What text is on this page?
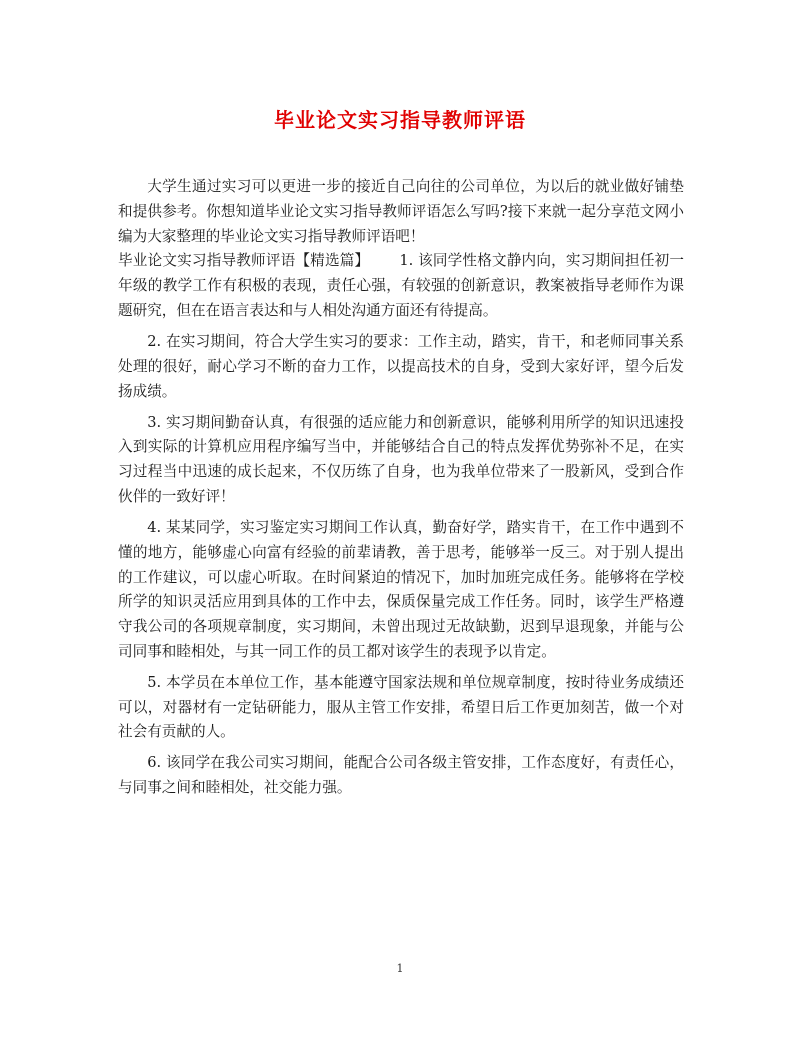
毕业论文实习指导教师评语

大学生通过实习可以更进一步的接近自己向往的公司单位，为以后的就业做好铺垫和提供参考。你想知道毕业论文实习指导教师评语怎么写吗?接下来就一起分享范文网小编为大家整理的毕业论文实习指导教师评语吧！

毕业论文实习指导教师评语【精选篇】 1. 该同学性格文静内向，实习期间担任初一年级的教学工作有积极的表现，责任心强，有较强的创新意识，教案被指导老师作为课题研究，但在在语言表达和与人相处沟通方面还有待提高。

2. 在实习期间，符合大学生实习的要求：工作主动，踏实，肯干，和老师同事关系处理的很好，耐心学习不断的奋力工作，以提高技术的自身，受到大家好评，望今后发扬成绩。

3. 实习期间勤奋认真，有很强的适应能力和创新意识，能够利用所学的知识迅速投入到实际的计算机应用程序编写当中，并能够结合自己的特点发挥优势弥补不足，在实习过程当中迅速的成长起来，不仅历练了自身，也为我单位带来了一股新风，受到合作伙伴的一致好评！

4. 某某同学，实习鉴定实习期间工作认真，勤奋好学，踏实肯干，在工作中遇到不懂的地方，能够虚心向富有经验的前辈请教，善于思考，能够举一反三。对于别人提出的工作建议，可以虚心听取。在时间紧迫的情况下，加时加班完成任务。能够将在学校所学的知识灵活应用到具体的工作中去，保质保量完成工作任务。同时，该学生严格遵守我公司的各项规章制度，实习期间，未曾出现过无故缺勤，迟到早退现象，并能与公司同事和睦相处，与其一同工作的员工都对该学生的表现予以肯定。

5. 本学员在本单位工作，基本能遵守国家法规和单位规章制度，按时待业务成绩还可以，对器材有一定钻研能力，服从主管工作安排，希望日后工作更加刻苦，做一个对社会有贡献的人。

6. 该同学在我公司实习期间，能配合公司各级主管安排，工作态度好，有责任心，与同事之间和睦相处，社交能力强。

1
